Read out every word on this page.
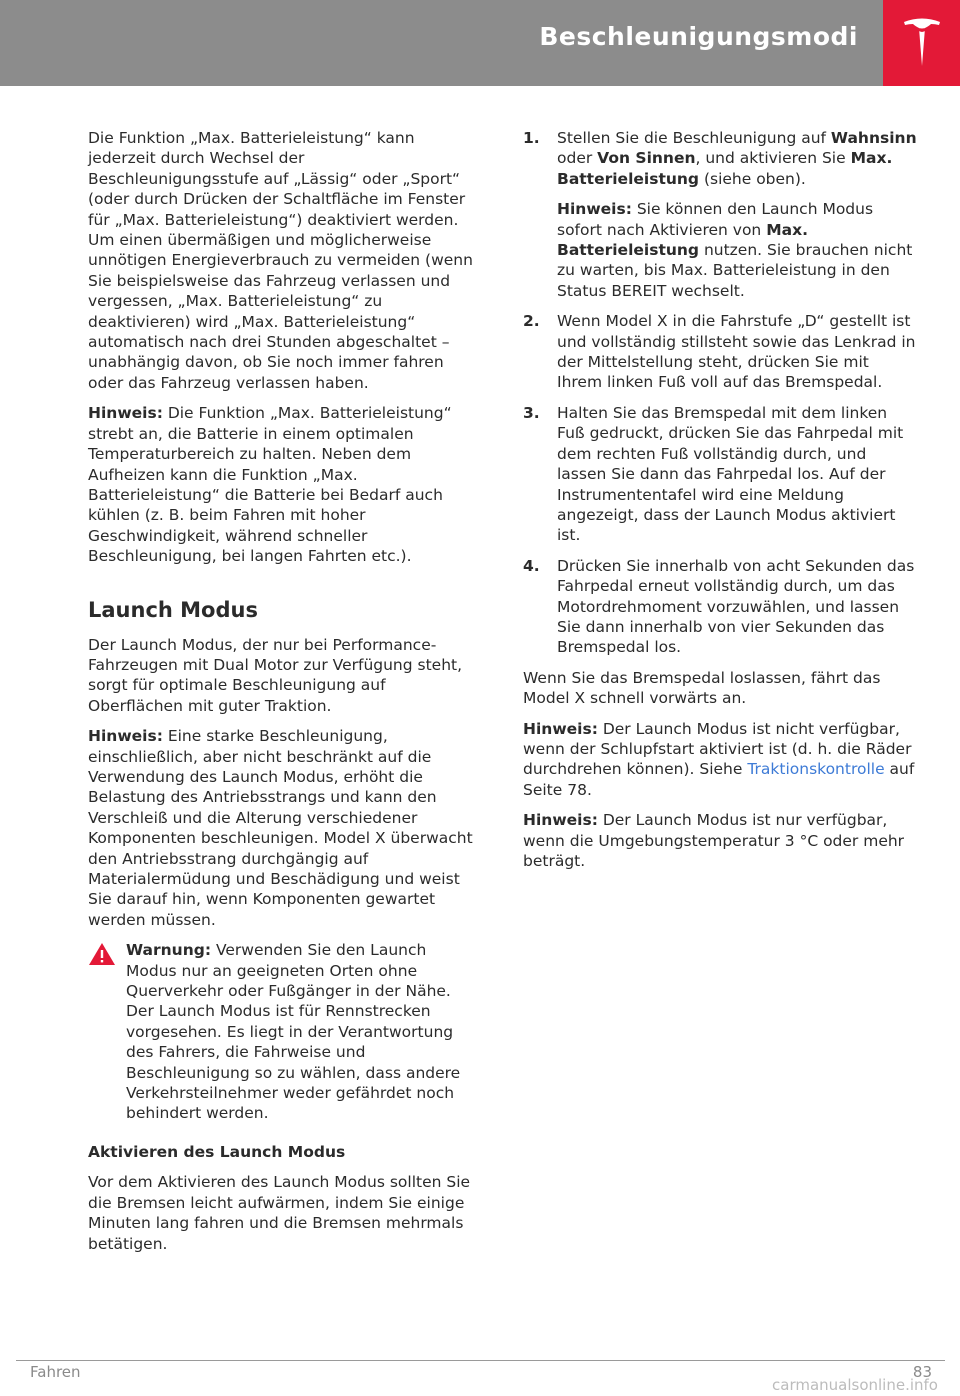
Beschleunigungsmodi

Die Funktion „Max. Batterieleistung“ kann jederzeit durch Wechsel der Beschleunigungsstufe auf „Lässig“ oder „Sport“ (oder durch Drücken der Schaltfläche im Fenster für „Max. Batterieleistung“) deaktiviert werden. Um einen übermäßigen und möglicherweise unnötigen Energieverbrauch zu vermeiden (wenn Sie beispielsweise das Fahrzeug verlassen und vergessen, „Max. Batterieleistung“ zu deaktivieren) wird „Max. Batterieleistung“ automatisch nach drei Stunden abgeschaltet – unabhängig davon, ob Sie noch immer fahren oder das Fahrzeug verlassen haben.

Hinweis: Die Funktion „Max. Batterieleistung“ strebt an, die Batterie in einem optimalen Temperaturbereich zu halten. Neben dem Aufheizen kann die Funktion „Max. Batterieleistung“ die Batterie bei Bedarf auch kühlen (z. B. beim Fahren mit hoher Geschwindigkeit, während schneller Beschleunigung, bei langen Fahrten etc.).

Launch Modus

Der Launch Modus, der nur bei Performance-Fahrzeugen mit Dual Motor zur Verfügung steht, sorgt für optimale Beschleunigung auf Oberflächen mit guter Traktion.

Hinweis: Eine starke Beschleunigung, einschließlich, aber nicht beschränkt auf die Verwendung des Launch Modus, erhöht die Belastung des Antriebsstrangs und kann den Verschleiß und die Alterung verschiedener Komponenten beschleunigen. Model X überwacht den Antriebsstrang durchgängig auf Materialermüdung und Beschädigung und weist Sie darauf hin, wenn Komponenten gewartet werden müssen.

Warnung: Verwenden Sie den Launch Modus nur an geeigneten Orten ohne Querverkehr oder Fußgänger in der Nähe. Der Launch Modus ist für Rennstrecken vorgesehen. Es liegt in der Verantwortung des Fahrers, die Fahrweise und Beschleunigung so zu wählen, dass andere Verkehrsteilnehmer weder gefährdet noch behindert werden.
Aktivieren des Launch Modus

Vor dem Aktivieren des Launch Modus sollten Sie die Bremsen leicht aufwärmen, indem Sie einige Minuten lang fahren und die Bremsen mehrmals betätigen.

1. Stellen Sie die Beschleunigung auf Wahnsinn oder Von Sinnen, und aktivieren Sie Max. Batterieleistung (siehe oben).

Hinweis: Sie können den Launch Modus sofort nach Aktivieren von Max. Batterieleistung nutzen. Sie brauchen nicht zu warten, bis Max. Batterieleistung in den Status BEREIT wechselt.

2. Wenn Model X in die Fahrstufe „D“ gestellt ist und vollständig stillsteht sowie das Lenkrad in der Mittelstellung steht, drücken Sie mit Ihrem linken Fuß voll auf das Bremspedal.
3. Halten Sie das Bremspedal mit dem linken Fuß gedruckt, drücken Sie das Fahrpedal mit dem rechten Fuß vollständig durch, und lassen Sie dann das Fahrpedal los. Auf der Instrumententafel wird eine Meldung angezeigt, dass der Launch Modus aktiviert ist.
4. Drücken Sie innerhalb von acht Sekunden das Fahrpedal erneut vollständig durch, um das Motordrehmoment vorzuwählen, und lassen Sie dann innerhalb von vier Sekunden das Bremspedal los.

Wenn Sie das Bremspedal loslassen, fährt das Model X schnell vorwärts an.

Hinweis: Der Launch Modus ist nicht verfügbar, wenn der Schlupfstart aktiviert ist (d. h. die Räder durchdrehen können). Siehe Traktionskontrolle auf Seite 78.

Hinweis: Der Launch Modus ist nur verfügbar, wenn die Umgebungstemperatur 3 °C oder mehr beträgt.

Fahren	83
carmanualsonline.info
